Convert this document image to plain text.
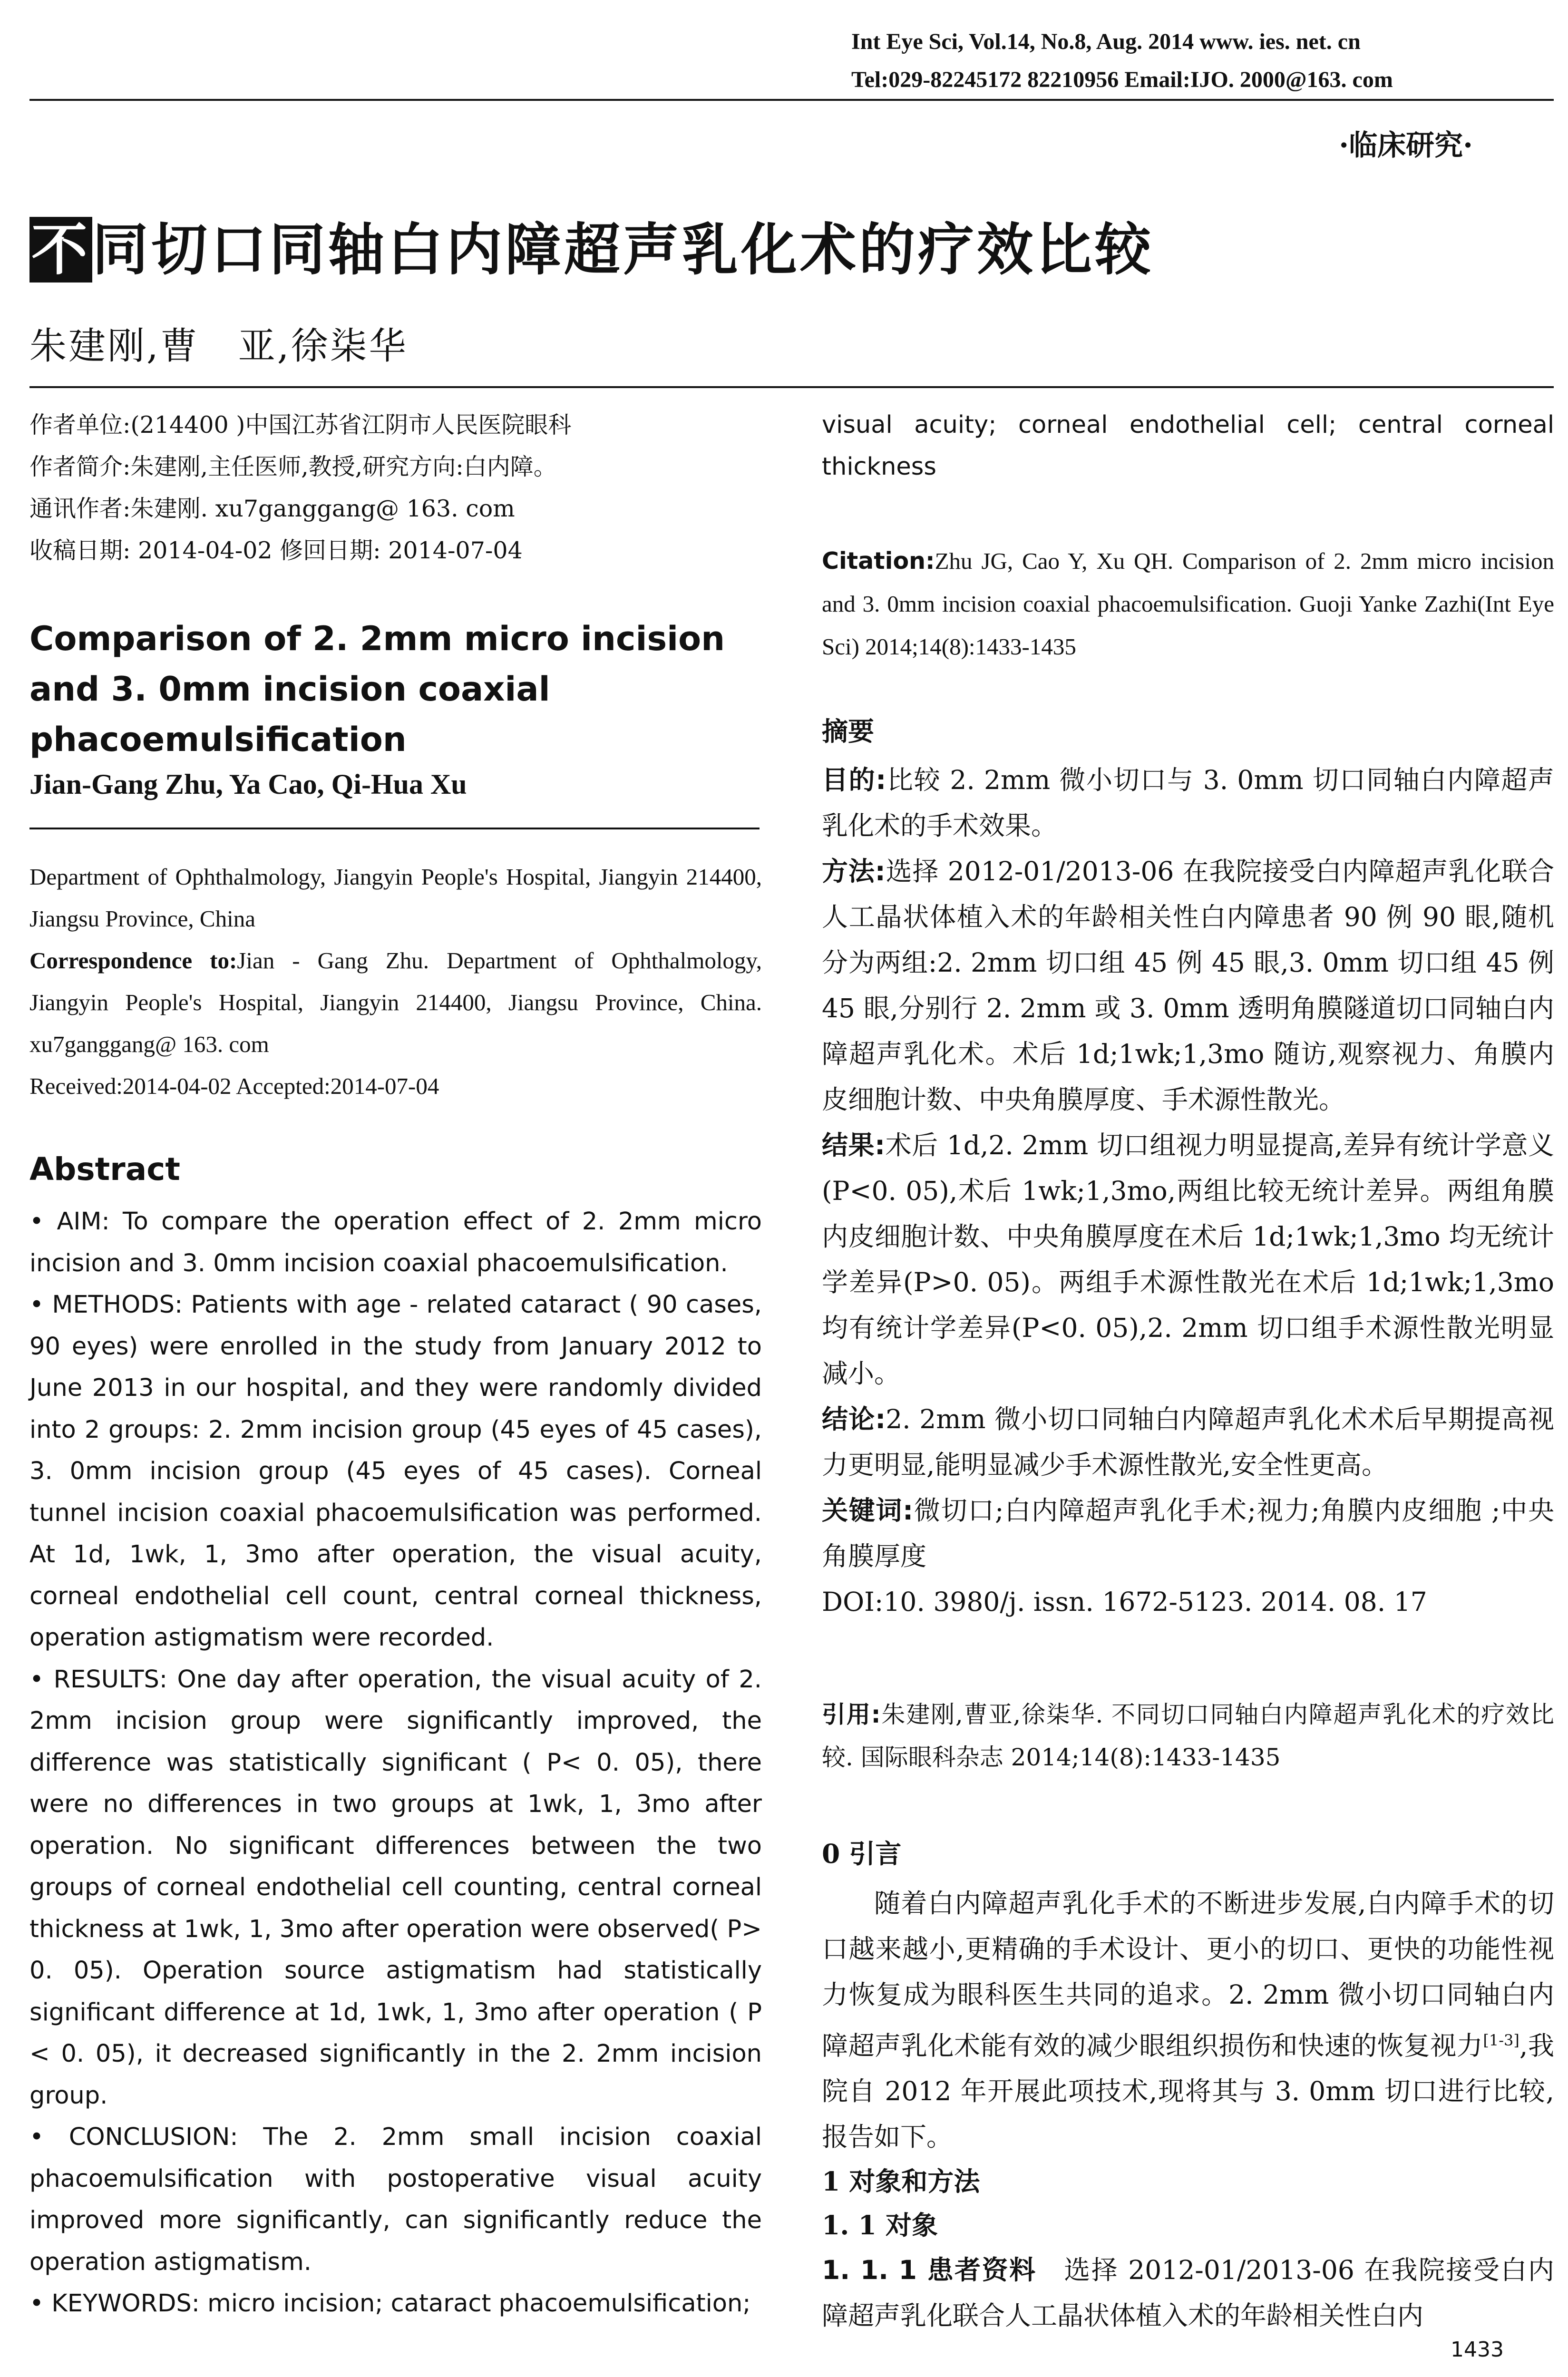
Int Eye Sci, Vol.14, No.8, Aug. 2014 www. ies. net. cn
Tel:029-82245172 82210956 Email:IJO. 2000@163. com
·临床研究·
不同切口同轴白内障超声乳化术的疗效比较
朱建刚,曹　亚,徐柒华

作者单位:(214400 )中国江苏省江阴市人民医院眼科

作者简介:朱建刚,主任医师,教授,研究方向:白内障。

通讯作者:朱建刚. xu7ganggang@ 163. com

收稿日期: 2014-04-02 修回日期: 2014-07-04

Comparison of 2. 2mm micro incision and 3. 0mm incision coaxial phacoemulsification

Jian-Gang Zhu, Ya Cao, Qi-Hua Xu

Department of Ophthalmology, Jiangyin People's Hospital, Jiangyin 214400, Jiangsu Province, China

Correspondence to:Jian - Gang Zhu. Department of Ophthalmology, Jiangyin People's Hospital, Jiangyin 214400, Jiangsu Province, China. xu7ganggang@ 163. com

Received:2014-04-02 Accepted:2014-07-04

Abstract

• AIM: To compare the operation effect of 2. 2mm micro incision and 3. 0mm incision coaxial phacoemulsification.

• METHODS: Patients with age - related cataract ( 90 cases, 90 eyes) were enrolled in the study from January 2012 to June 2013 in our hospital, and they were randomly divided into 2 groups: 2. 2mm incision group (45 eyes of 45 cases), 3. 0mm incision group (45 eyes of 45 cases). Corneal tunnel incision coaxial phacoemulsification was performed. At 1d, 1wk, 1, 3mo after operation, the visual acuity, corneal endothelial cell count, central corneal thickness, operation astigmatism were recorded.

• RESULTS: One day after operation, the visual acuity of 2. 2mm incision group were significantly improved, the difference was statistically significant ( P< 0. 05), there were no differences in two groups at 1wk, 1, 3mo after operation. No significant differences between the two groups of corneal endothelial cell counting, central corneal thickness at 1wk, 1, 3mo after operation were observed( P> 0. 05). Operation source astigmatism had statistically significant difference at 1d, 1wk, 1, 3mo after operation ( P < 0. 05), it decreased significantly in the 2. 2mm incision group.

• CONCLUSION: The 2. 2mm small incision coaxial phacoemulsification with postoperative visual acuity improved more significantly, can significantly reduce the operation astigmatism.

• KEYWORDS: micro incision; cataract phacoemulsification;

visual acuity; corneal endothelial cell; central corneal thickness

Citation:Zhu JG, Cao Y, Xu QH. Comparison of 2. 2mm micro incision and 3. 0mm incision coaxial phacoemulsification. Guoji Yanke Zazhi(Int Eye Sci) 2014;14(8):1433-1435

摘要

目的:比较 2. 2mm 微小切口与 3. 0mm 切口同轴白内障超声乳化术的手术效果。

方法:选择 2012-01/2013-06 在我院接受白内障超声乳化联合人工晶状体植入术的年龄相关性白内障患者 90 例 90 眼,随机分为两组:2. 2mm 切口组 45 例 45 眼,3. 0mm 切口组 45 例 45 眼,分别行 2. 2mm 或 3. 0mm 透明角膜隧道切口同轴白内障超声乳化术。术后 1d;1wk;1,3mo 随访,观察视力、角膜内皮细胞计数、中央角膜厚度、手术源性散光。

结果:术后 1d,2. 2mm 切口组视力明显提高,差异有统计学意义(P<0. 05),术后 1wk;1,3mo,两组比较无统计差异。两组角膜内皮细胞计数、中央角膜厚度在术后 1d;1wk;1,3mo 均无统计学差异(P>0. 05)。两组手术源性散光在术后 1d;1wk;1,3mo 均有统计学差异(P<0. 05),2. 2mm 切口组手术源性散光明显减小。

结论:2. 2mm 微小切口同轴白内障超声乳化术术后早期提高视力更明显,能明显减少手术源性散光,安全性更高。

关键词:微切口;白内障超声乳化手术;视力;角膜内皮细胞 ;中央角膜厚度

DOI:10. 3980/j. issn. 1672-5123. 2014. 08. 17

引用:朱建刚,曹亚,徐柒华. 不同切口同轴白内障超声乳化术的疗效比较. 国际眼科杂志 2014;14(8):1433-1435

0 引言

随着白内障超声乳化手术的不断进步发展,白内障手术的切口越来越小,更精确的手术设计、更小的切口、更快的功能性视力恢复成为眼科医生共同的追求。2. 2mm 微小切口同轴白内障超声乳化术能有效的减少眼组织损伤和快速的恢复视力[1-3],我院自 2012 年开展此项技术,现将其与 3. 0mm 切口进行比较,报告如下。

1 对象和方法

1. 1 对象

1. 1. 1 患者资料　 选择 2012-01/2013-06 在我院接受白内障超声乳化联合人工晶状体植入术的年龄相关性白内

1433
